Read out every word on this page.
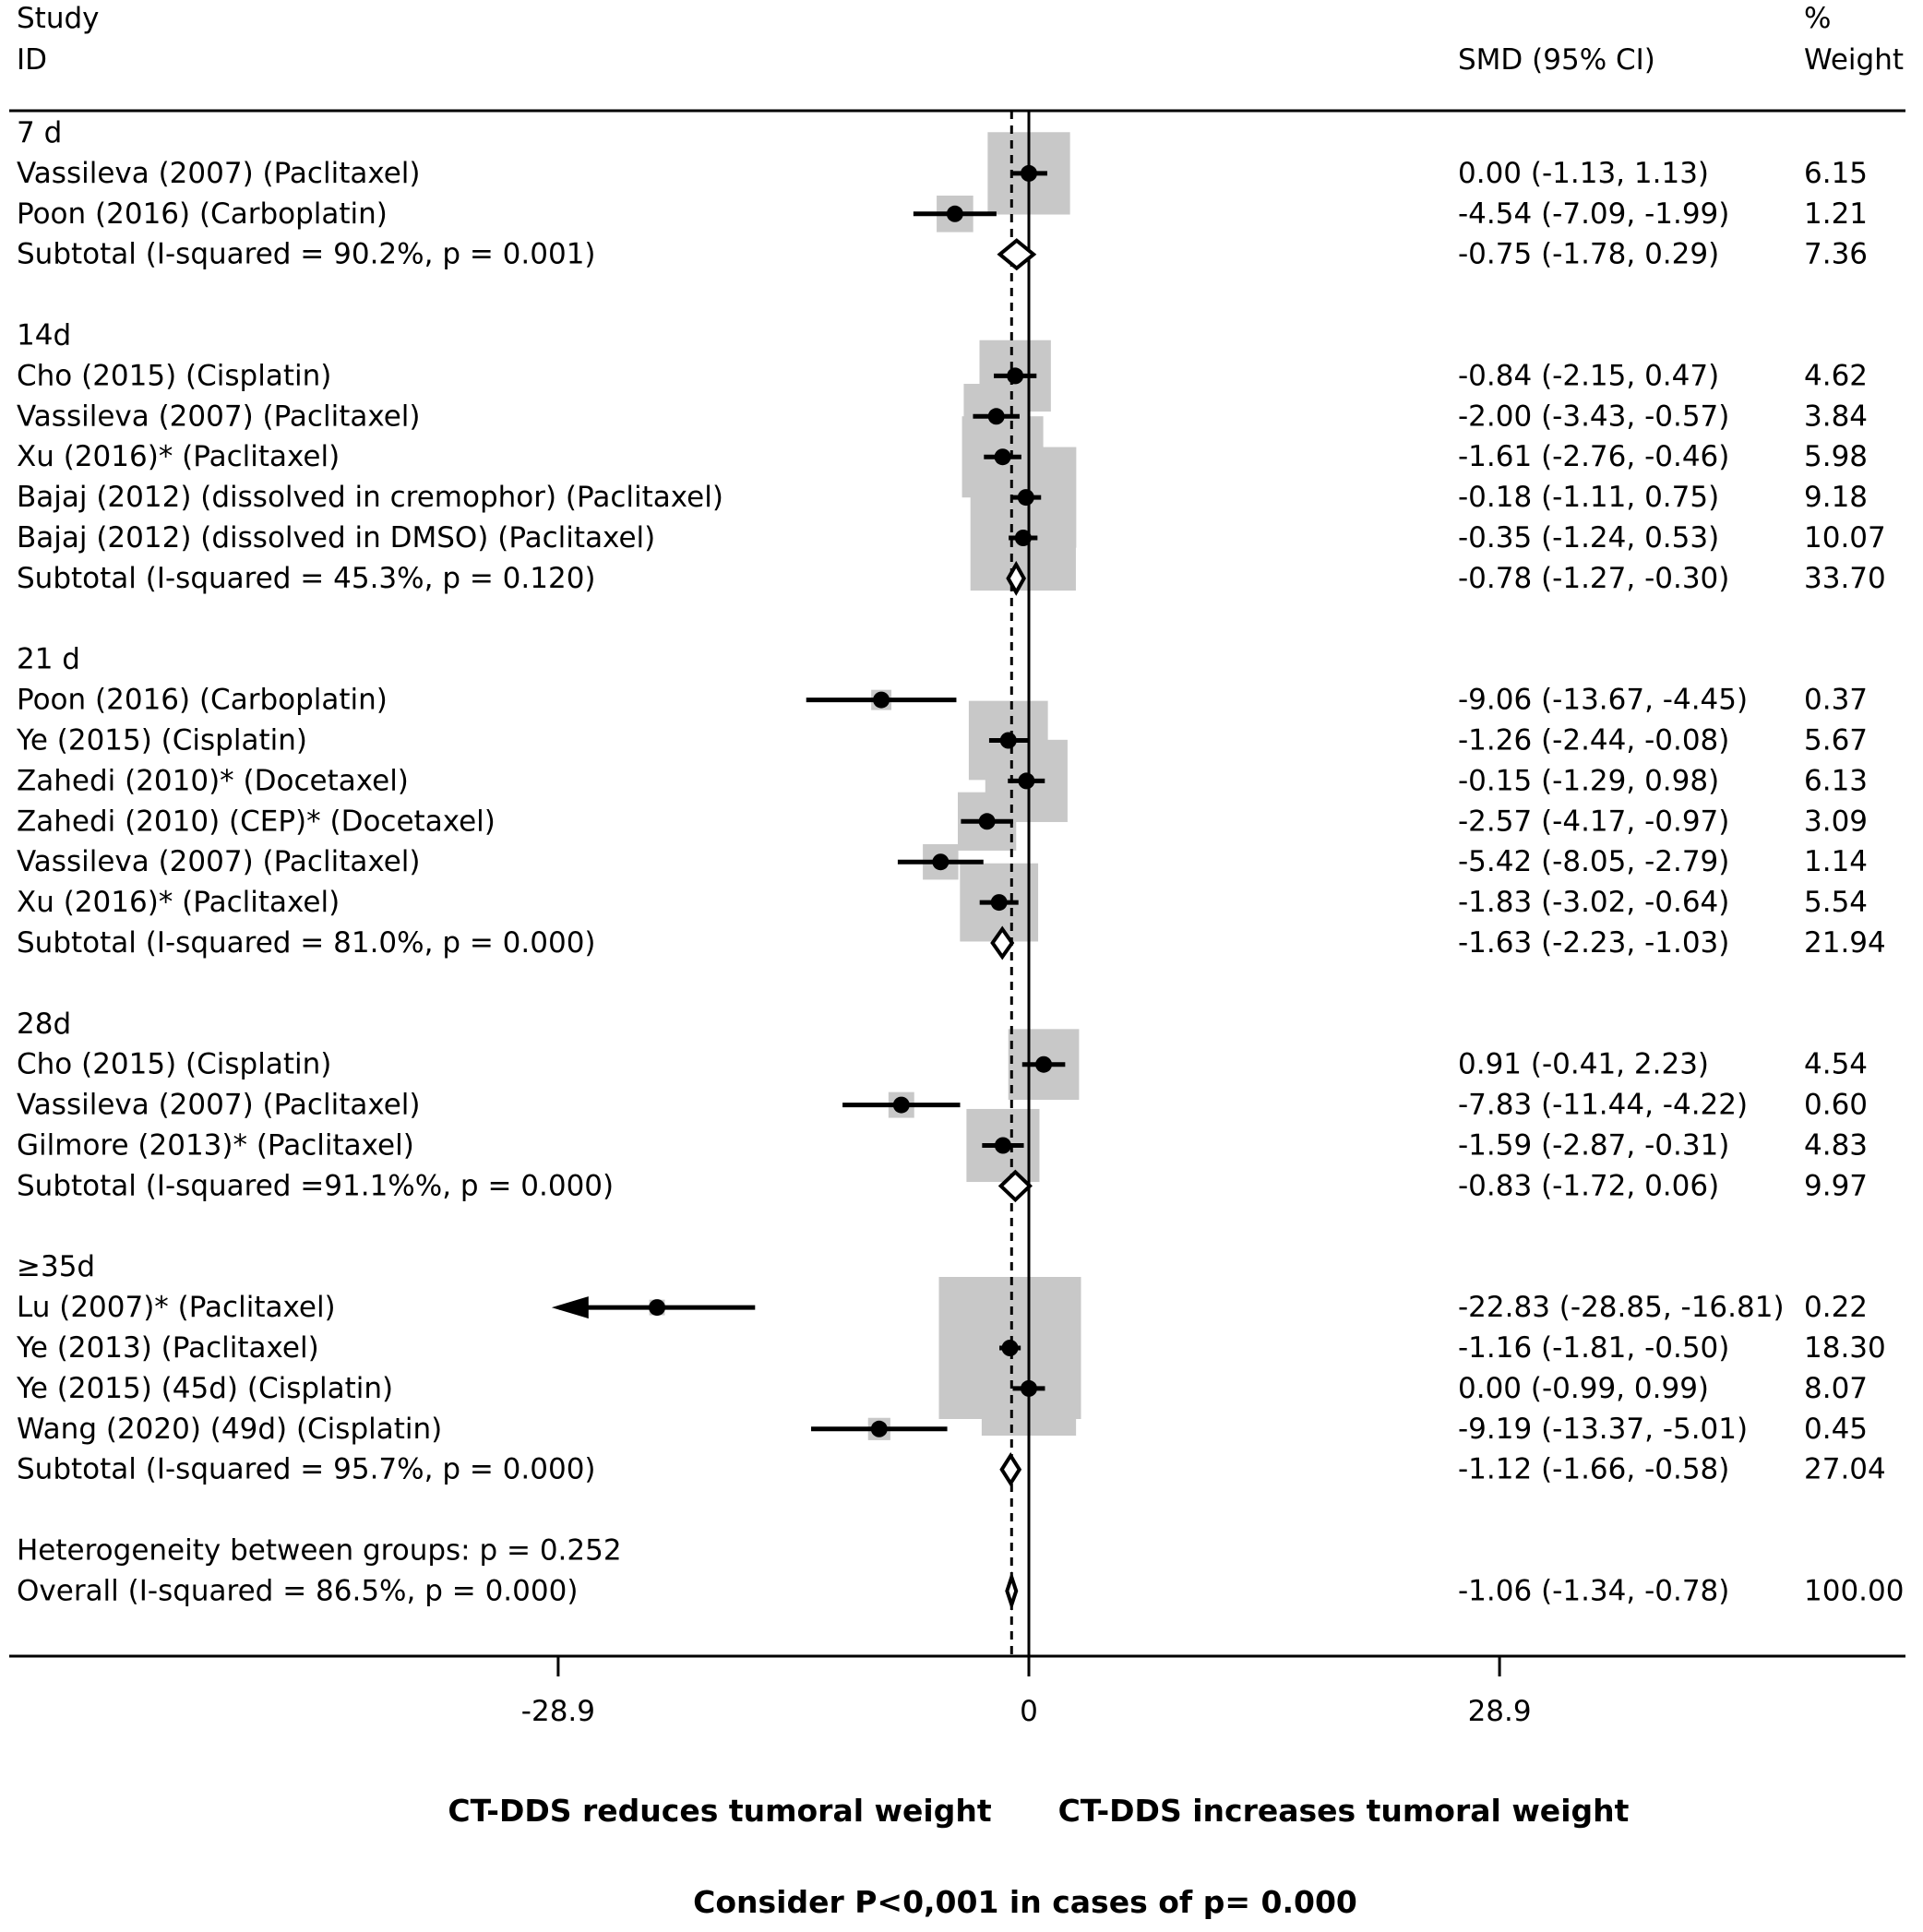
Study
ID	SMD (95% CI)
%
Weight
7 d
Vassileva (2007) (Paclitaxel)	0.00 (-1.13, 1.13)	6.15
Poon (2016) (Carboplatin)	-4.54 (-7.09, -1.99)	1.21
Subtotal (I-squared = 90.2%, p = 0.001)	-0.75 (-1.78, 0.29)	7.36
14d
Cho (2015) (Cisplatin)	-0.84 (-2.15, 0.47)	4.62
Vassileva (2007) (Paclitaxel)	-2.00 (-3.43, -0.57)	3.84
Xu (2016)* (Paclitaxel)	-1.61 (-2.76, -0.46)	5.98
Bajaj (2012) (dissolved in cremophor) (Paclitaxel)	-0.18 (-1.11, 0.75)	9.18
Bajaj (2012) (dissolved in DMSO) (Paclitaxel)	-0.35 (-1.24, 0.53)	10.07
Subtotal (I-squared = 45.3%, p = 0.120)	-0.78 (-1.27, -0.30)	33.70
21 d
Poon (2016) (Carboplatin)	-9.06 (-13.67, -4.45) 0.37
Ye (2015) (Cisplatin)	-1.26 (-2.44, -0.08)	5.67
Zahedi (2010)* (Docetaxel)	-0.15 (-1.29, 0.98)	6.13
Zahedi (2010) (CEP)* (Docetaxel)	-2.57 (-4.17, -0.97)	3.09
Vassileva (2007) (Paclitaxel)	-5.42 (-8.05, -2.79)	1.14
Xu (2016)* (Paclitaxel)	-1.83 (-3.02, -0.64)	5.54
Subtotal (I-squared = 81.0%, p = 0.000)	-1.63 (-2.23, -1.03)	21.94
28d
Cho (2015) (Cisplatin)	0.91 (-0.41, 2.23)	4.54
Vassileva (2007) (Paclitaxel)	-7.83 (-11.44, -4.22) 0.60
Gilmore (2013)* (Paclitaxel)	-1.59 (-2.87, -0.31)	4.83
Subtotal (I-squared =91.1%%, p = 0.000)	-0.83 (-1.72, 0.06)	9.97
≥35d
Lu (2007)* (Paclitaxel)	-22.83 (-28.85, -16.81) 0.22
Ye (2013) (Paclitaxel)	-1.16 (-1.81, -0.50)	18.30
Ye (2015) (45d) (Cisplatin)	0.00 (-0.99, 0.99)	8.07
Wang (2020) (49d) (Cisplatin)	-9.19 (-13.37, -5.01) 0.45
Subtotal (I-squared = 95.7%, p = 0.000)	-1.12 (-1.66, -0.58)	27.04
Heterogeneity between groups: p = 0.252
Overall (I-squared = 86.5%, p = 0.000)	-1.06 (-1.34, -0.78)	100.00
-28.9	0	28.9
CT-DDS reduces tumoral weight CT-DDS increases tumoral weight
Consider P<0,001 in cases of p= 0.000
